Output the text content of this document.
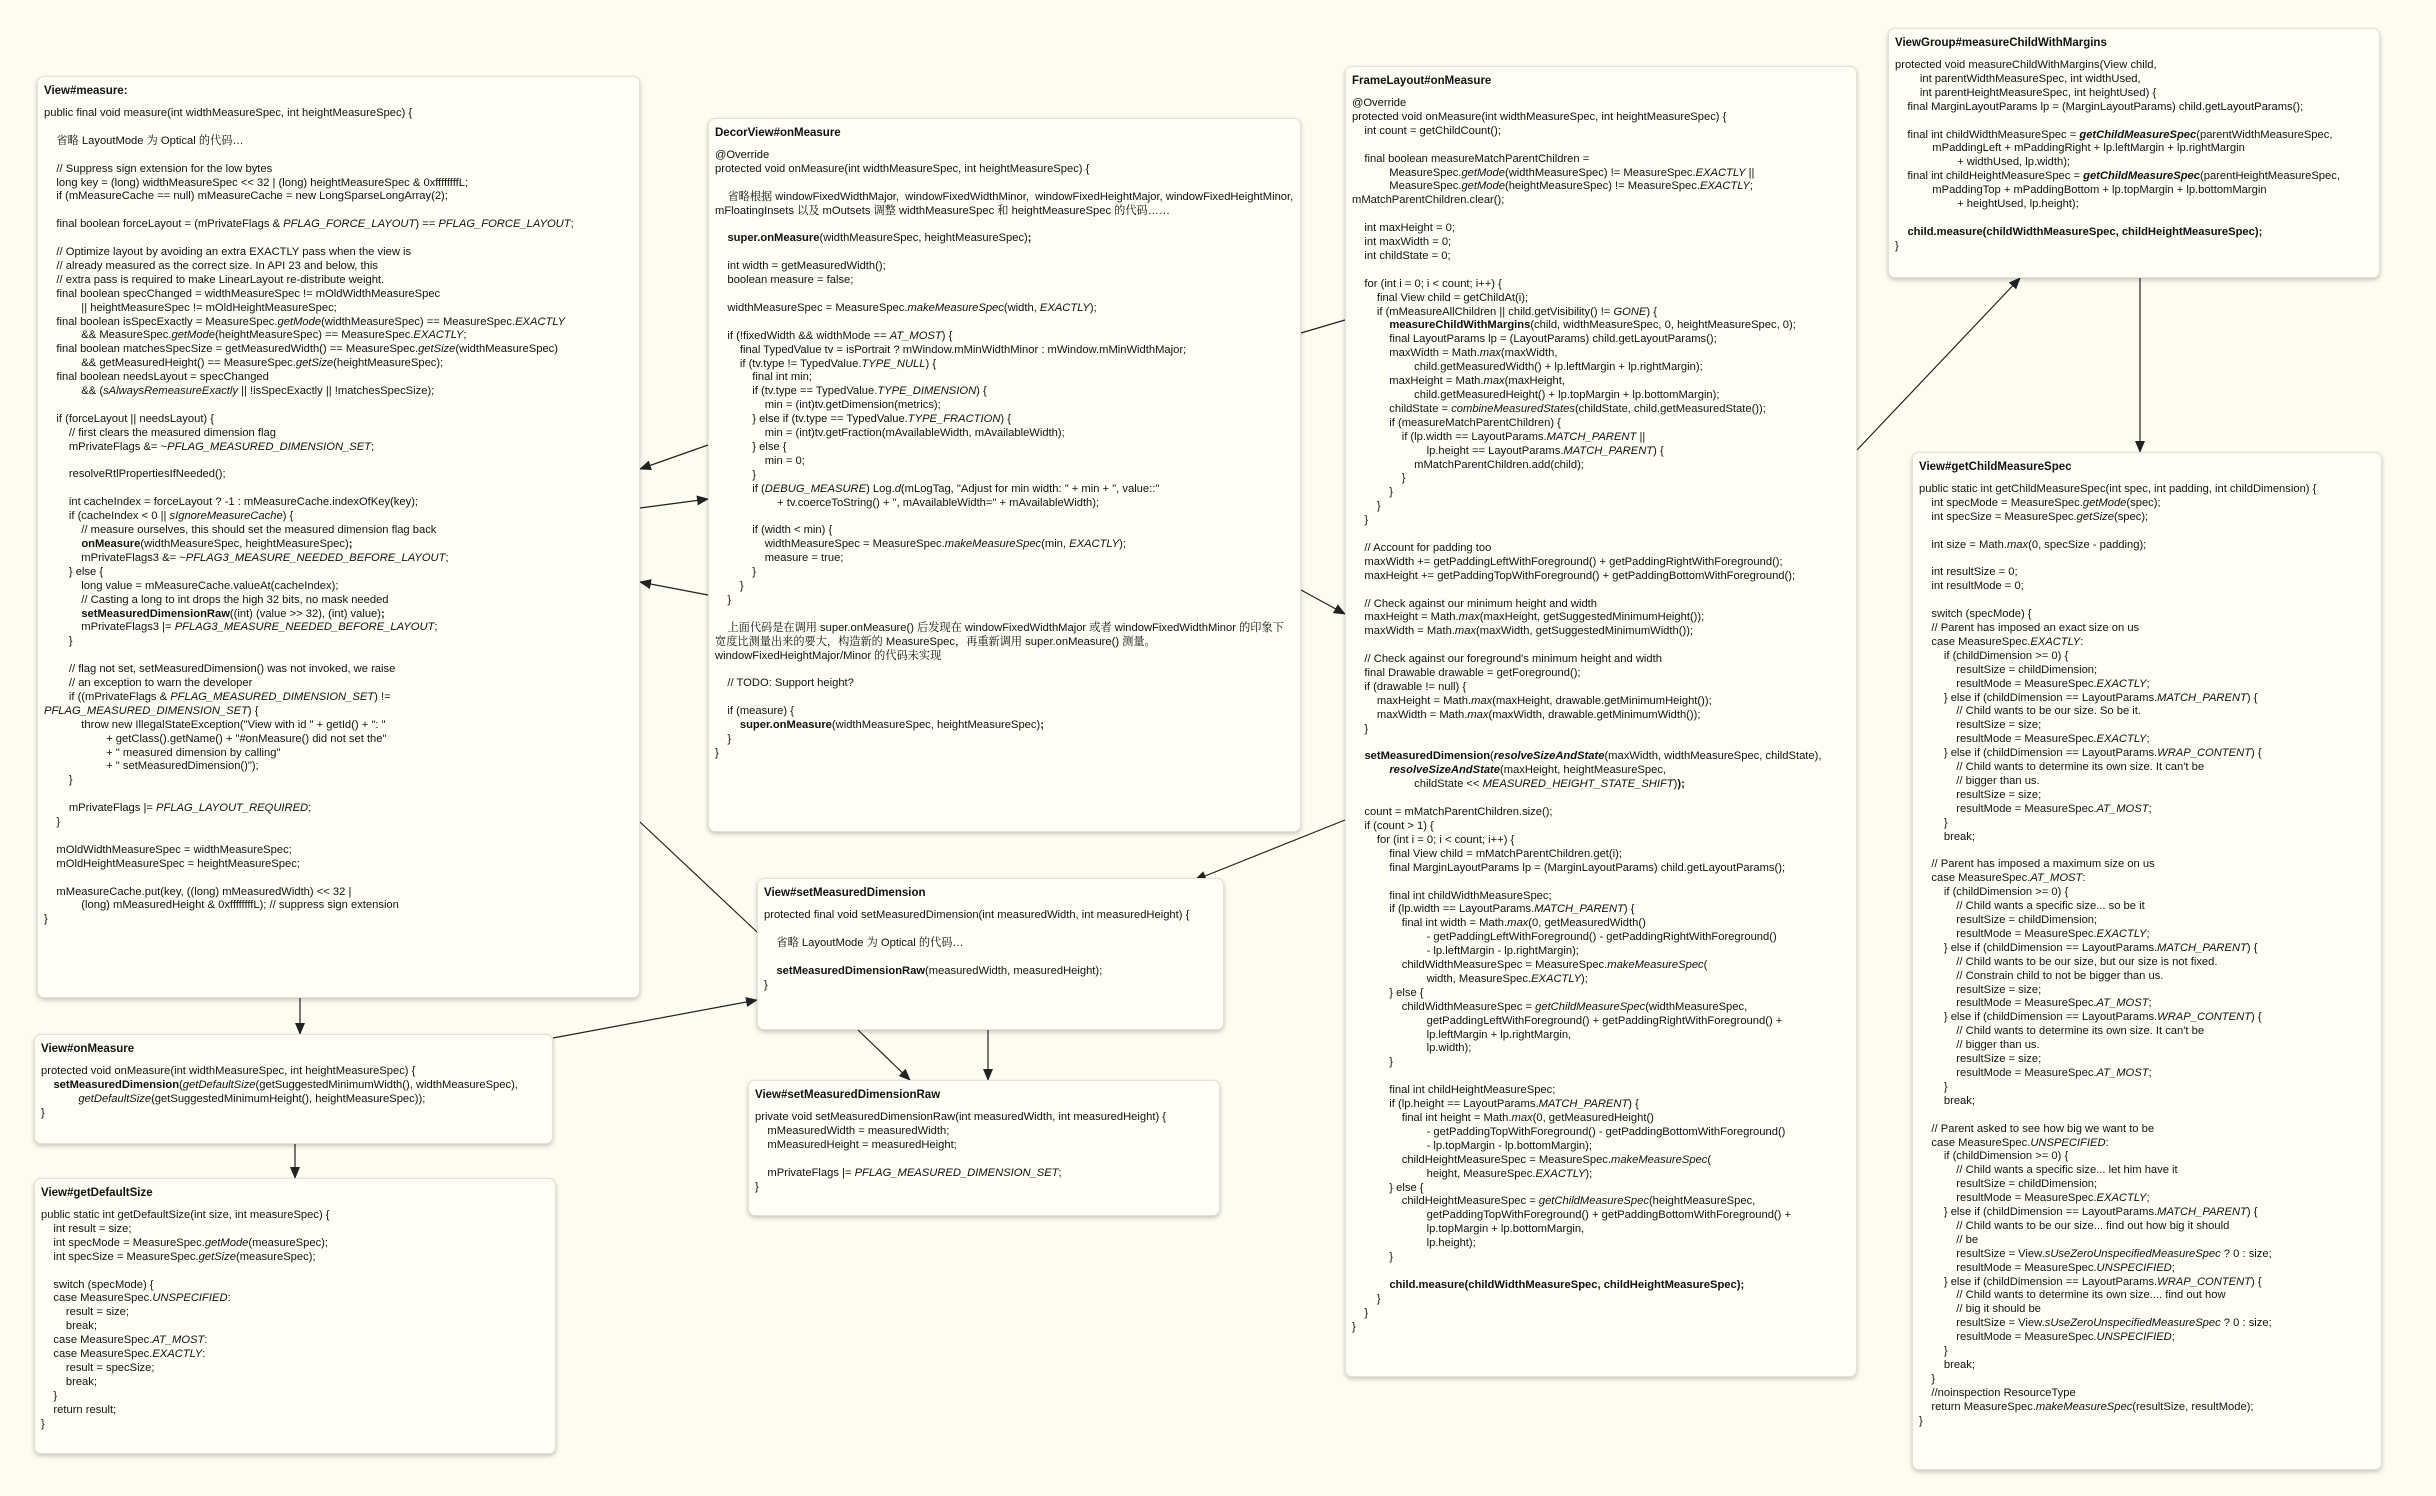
View#measure:
public final void measure(int widthMeasureSpec, int heightMeasureSpec) {
省略 LayoutMode 为 Optical 的代码…
// Suppress sign extension for the low bytes
long key = (long) widthMeasureSpec << 32 | (long) heightMeasureSpec & 0xffffffffL;
if (mMeasureCache == null) mMeasureCache = new LongSparseLongArray(2);
final boolean forceLayout = (mPrivateFlags & PFLAG_FORCE_LAYOUT) == PFLAG_FORCE_LAYOUT;
// Optimize layout by avoiding an extra EXACTLY pass when the view is
// already measured as the correct size. In API 23 and below, this
// extra pass is required to make LinearLayout re-distribute weight.
final boolean specChanged = widthMeasureSpec != mOldWidthMeasureSpec
|| heightMeasureSpec != mOldHeightMeasureSpec;
final boolean isSpecExactly = MeasureSpec.getMode(widthMeasureSpec) == MeasureSpec.EXACTLY
&& MeasureSpec.getMode(heightMeasureSpec) == MeasureSpec.EXACTLY;
final boolean matchesSpecSize = getMeasuredWidth() == MeasureSpec.getSize(widthMeasureSpec)
&& getMeasuredHeight() == MeasureSpec.getSize(heightMeasureSpec);
final boolean needsLayout = specChanged
&& (sAlwaysRemeasureExactly || !isSpecExactly || !matchesSpecSize);
if (forceLayout || needsLayout) {
// first clears the measured dimension flag
mPrivateFlags &= ~PFLAG_MEASURED_DIMENSION_SET;
resolveRtlPropertiesIfNeeded();
int cacheIndex = forceLayout ? -1 : mMeasureCache.indexOfKey(key);
if (cacheIndex < 0 || sIgnoreMeasureCache) {
// measure ourselves, this should set the measured dimension flag back
onMeasure(widthMeasureSpec, heightMeasureSpec);
mPrivateFlags3 &= ~PFLAG3_MEASURE_NEEDED_BEFORE_LAYOUT;
} else {
long value = mMeasureCache.valueAt(cacheIndex);
// Casting a long to int drops the high 32 bits, no mask needed
setMeasuredDimensionRaw((int) (value >> 32), (int) value);
mPrivateFlags3 |= PFLAG3_MEASURE_NEEDED_BEFORE_LAYOUT;
}
// flag not set, setMeasuredDimension() was not invoked, we raise
// an exception to warn the developer
if ((mPrivateFlags & PFLAG_MEASURED_DIMENSION_SET) !=
PFLAG_MEASURED_DIMENSION_SET) {
throw new IllegalStateException("View with id " + getId() + ": "
+ getClass().getName() + "#onMeasure() did not set the"
+ " measured dimension by calling"
+ " setMeasuredDimension()");
}
mPrivateFlags |= PFLAG_LAYOUT_REQUIRED;
}
mOldWidthMeasureSpec = widthMeasureSpec;
mOldHeightMeasureSpec = heightMeasureSpec;
mMeasureCache.put(key, ((long) mMeasuredWidth) << 32 |
(long) mMeasuredHeight & 0xffffffffL); // suppress sign extension
}
View#onMeasure
protected void onMeasure(int widthMeasureSpec, int heightMeasureSpec) {
setMeasuredDimension(getDefaultSize(getSuggestedMinimumWidth(), widthMeasureSpec),
getDefaultSize(getSuggestedMinimumHeight(), heightMeasureSpec));
}
View#getDefaultSize
public static int getDefaultSize(int size, int measureSpec) {
int result = size;
int specMode = MeasureSpec.getMode(measureSpec);
int specSize = MeasureSpec.getSize(measureSpec);
switch (specMode) {
case MeasureSpec.UNSPECIFIED:
result = size;
break;
case MeasureSpec.AT_MOST:
case MeasureSpec.EXACTLY:
result = specSize;
break;
}
return result;
}
DecorView#onMeasure
@Override
protected void onMeasure(int widthMeasureSpec, int heightMeasureSpec) {
省略根据 windowFixedWidthMajor,  windowFixedWidthMinor,  windowFixedHeightMajor, windowFixedHeightMinor, mFloatingInsets 以及 mOutsets 调整 widthMeasureSpec 和 heightMeasureSpec 的代码……
super.onMeasure(widthMeasureSpec, heightMeasureSpec);
int width = getMeasuredWidth();
boolean measure = false;
widthMeasureSpec = MeasureSpec.makeMeasureSpec(width, EXACTLY);
if (!fixedWidth && widthMode == AT_MOST) {
final TypedValue tv = isPortrait ? mWindow.mMinWidthMinor : mWindow.mMinWidthMajor;
if (tv.type != TypedValue.TYPE_NULL) {
final int min;
if (tv.type == TypedValue.TYPE_DIMENSION) {
min = (int)tv.getDimension(metrics);
} else if (tv.type == TypedValue.TYPE_FRACTION) {
min = (int)tv.getFraction(mAvailableWidth, mAvailableWidth);
} else {
min = 0;
}
if (DEBUG_MEASURE) Log.d(mLogTag, "Adjust for min width: " + min + ", value::"
+ tv.coerceToString() + ", mAvailableWidth=" + mAvailableWidth);
if (width < min) {
widthMeasureSpec = MeasureSpec.makeMeasureSpec(min, EXACTLY);
measure = true;
}
}
}
上面代码是在调用 super.onMeasure() 后发现在 windowFixedWidthMajor 或者 windowFixedWidthMinor 的印象下宽度比测量出来的要大，构造新的 MeasureSpec，再重新调用 super.onMeasure() 测量。windowFixedHeightMajor/Minor 的代码未实现
// TODO: Support height?
if (measure) {
super.onMeasure(widthMeasureSpec, heightMeasureSpec);
}
}
View#setMeasuredDimension
protected final void setMeasuredDimension(int measuredWidth, int measuredHeight) {
省略 LayoutMode 为 Optical 的代码…
setMeasuredDimensionRaw(measuredWidth, measuredHeight);
}
View#setMeasuredDimensionRaw
private void setMeasuredDimensionRaw(int measuredWidth, int measuredHeight) {
mMeasuredWidth = measuredWidth;
mMeasuredHeight = measuredHeight;
mPrivateFlags |= PFLAG_MEASURED_DIMENSION_SET;
}
FrameLayout#onMeasure
@Override
protected void onMeasure(int widthMeasureSpec, int heightMeasureSpec) {
int count = getChildCount();
final boolean measureMatchParentChildren =
MeasureSpec.getMode(widthMeasureSpec) != MeasureSpec.EXACTLY ||
MeasureSpec.getMode(heightMeasureSpec) != MeasureSpec.EXACTLY;
mMatchParentChildren.clear();
int maxHeight = 0;
int maxWidth = 0;
int childState = 0;
for (int i = 0; i < count; i++) {
final View child = getChildAt(i);
if (mMeasureAllChildren || child.getVisibility() != GONE) {
measureChildWithMargins(child, widthMeasureSpec, 0, heightMeasureSpec, 0);
final LayoutParams lp = (LayoutParams) child.getLayoutParams();
maxWidth = Math.max(maxWidth,
child.getMeasuredWidth() + lp.leftMargin + lp.rightMargin);
maxHeight = Math.max(maxHeight,
child.getMeasuredHeight() + lp.topMargin + lp.bottomMargin);
childState = combineMeasuredStates(childState, child.getMeasuredState());
if (measureMatchParentChildren) {
if (lp.width == LayoutParams.MATCH_PARENT ||
lp.height == LayoutParams.MATCH_PARENT) {
mMatchParentChildren.add(child);
}
}
}
}
// Account for padding too
maxWidth += getPaddingLeftWithForeground() + getPaddingRightWithForeground();
maxHeight += getPaddingTopWithForeground() + getPaddingBottomWithForeground();
// Check against our minimum height and width
maxHeight = Math.max(maxHeight, getSuggestedMinimumHeight());
maxWidth = Math.max(maxWidth, getSuggestedMinimumWidth());
// Check against our foreground's minimum height and width
final Drawable drawable = getForeground();
if (drawable != null) {
maxHeight = Math.max(maxHeight, drawable.getMinimumHeight());
maxWidth = Math.max(maxWidth, drawable.getMinimumWidth());
}
setMeasuredDimension(resolveSizeAndState(maxWidth, widthMeasureSpec, childState),
resolveSizeAndState(maxHeight, heightMeasureSpec,
childState << MEASURED_HEIGHT_STATE_SHIFT));
count = mMatchParentChildren.size();
if (count > 1) {
for (int i = 0; i < count; i++) {
final View child = mMatchParentChildren.get(i);
final MarginLayoutParams lp = (MarginLayoutParams) child.getLayoutParams();
final int childWidthMeasureSpec;
if (lp.width == LayoutParams.MATCH_PARENT) {
final int width = Math.max(0, getMeasuredWidth()
- getPaddingLeftWithForeground() - getPaddingRightWithForeground()
- lp.leftMargin - lp.rightMargin);
childWidthMeasureSpec = MeasureSpec.makeMeasureSpec(
width, MeasureSpec.EXACTLY);
} else {
childWidthMeasureSpec = getChildMeasureSpec(widthMeasureSpec,
getPaddingLeftWithForeground() + getPaddingRightWithForeground() +
lp.leftMargin + lp.rightMargin,
lp.width);
}
final int childHeightMeasureSpec;
if (lp.height == LayoutParams.MATCH_PARENT) {
final int height = Math.max(0, getMeasuredHeight()
- getPaddingTopWithForeground() - getPaddingBottomWithForeground()
- lp.topMargin - lp.bottomMargin);
childHeightMeasureSpec = MeasureSpec.makeMeasureSpec(
height, MeasureSpec.EXACTLY);
} else {
childHeightMeasureSpec = getChildMeasureSpec(heightMeasureSpec,
getPaddingTopWithForeground() + getPaddingBottomWithForeground() +
lp.topMargin + lp.bottomMargin,
lp.height);
}
child.measure(childWidthMeasureSpec, childHeightMeasureSpec);
}
}
}
ViewGroup#measureChildWithMargins
protected void measureChildWithMargins(View child,
int parentWidthMeasureSpec, int widthUsed,
int parentHeightMeasureSpec, int heightUsed) {
final MarginLayoutParams lp = (MarginLayoutParams) child.getLayoutParams();
final int childWidthMeasureSpec = getChildMeasureSpec(parentWidthMeasureSpec,
mPaddingLeft + mPaddingRight + lp.leftMargin + lp.rightMargin
+ widthUsed, lp.width);
final int childHeightMeasureSpec = getChildMeasureSpec(parentHeightMeasureSpec,
mPaddingTop + mPaddingBottom + lp.topMargin + lp.bottomMargin
+ heightUsed, lp.height);
child.measure(childWidthMeasureSpec, childHeightMeasureSpec);
}
View#getChildMeasureSpec
public static int getChildMeasureSpec(int spec, int padding, int childDimension) {
int specMode = MeasureSpec.getMode(spec);
int specSize = MeasureSpec.getSize(spec);
int size = Math.max(0, specSize - padding);
int resultSize = 0;
int resultMode = 0;
switch (specMode) {
// Parent has imposed an exact size on us
case MeasureSpec.EXACTLY:
if (childDimension >= 0) {
resultSize = childDimension;
resultMode = MeasureSpec.EXACTLY;
} else if (childDimension == LayoutParams.MATCH_PARENT) {
// Child wants to be our size. So be it.
resultSize = size;
resultMode = MeasureSpec.EXACTLY;
} else if (childDimension == LayoutParams.WRAP_CONTENT) {
// Child wants to determine its own size. It can't be
// bigger than us.
resultSize = size;
resultMode = MeasureSpec.AT_MOST;
}
break;
// Parent has imposed a maximum size on us
case MeasureSpec.AT_MOST:
if (childDimension >= 0) {
// Child wants a specific size... so be it
resultSize = childDimension;
resultMode = MeasureSpec.EXACTLY;
} else if (childDimension == LayoutParams.MATCH_PARENT) {
// Child wants to be our size, but our size is not fixed.
// Constrain child to not be bigger than us.
resultSize = size;
resultMode = MeasureSpec.AT_MOST;
} else if (childDimension == LayoutParams.WRAP_CONTENT) {
// Child wants to determine its own size. It can't be
// bigger than us.
resultSize = size;
resultMode = MeasureSpec.AT_MOST;
}
break;
// Parent asked to see how big we want to be
case MeasureSpec.UNSPECIFIED:
if (childDimension >= 0) {
// Child wants a specific size... let him have it
resultSize = childDimension;
resultMode = MeasureSpec.EXACTLY;
} else if (childDimension == LayoutParams.MATCH_PARENT) {
// Child wants to be our size... find out how big it should
// be
resultSize = View.sUseZeroUnspecifiedMeasureSpec ? 0 : size;
resultMode = MeasureSpec.UNSPECIFIED;
} else if (childDimension == LayoutParams.WRAP_CONTENT) {
// Child wants to determine its own size.... find out how
// big it should be
resultSize = View.sUseZeroUnspecifiedMeasureSpec ? 0 : size;
resultMode = MeasureSpec.UNSPECIFIED;
}
break;
}
//noinspection ResourceType
return MeasureSpec.makeMeasureSpec(resultSize, resultMode);
}
